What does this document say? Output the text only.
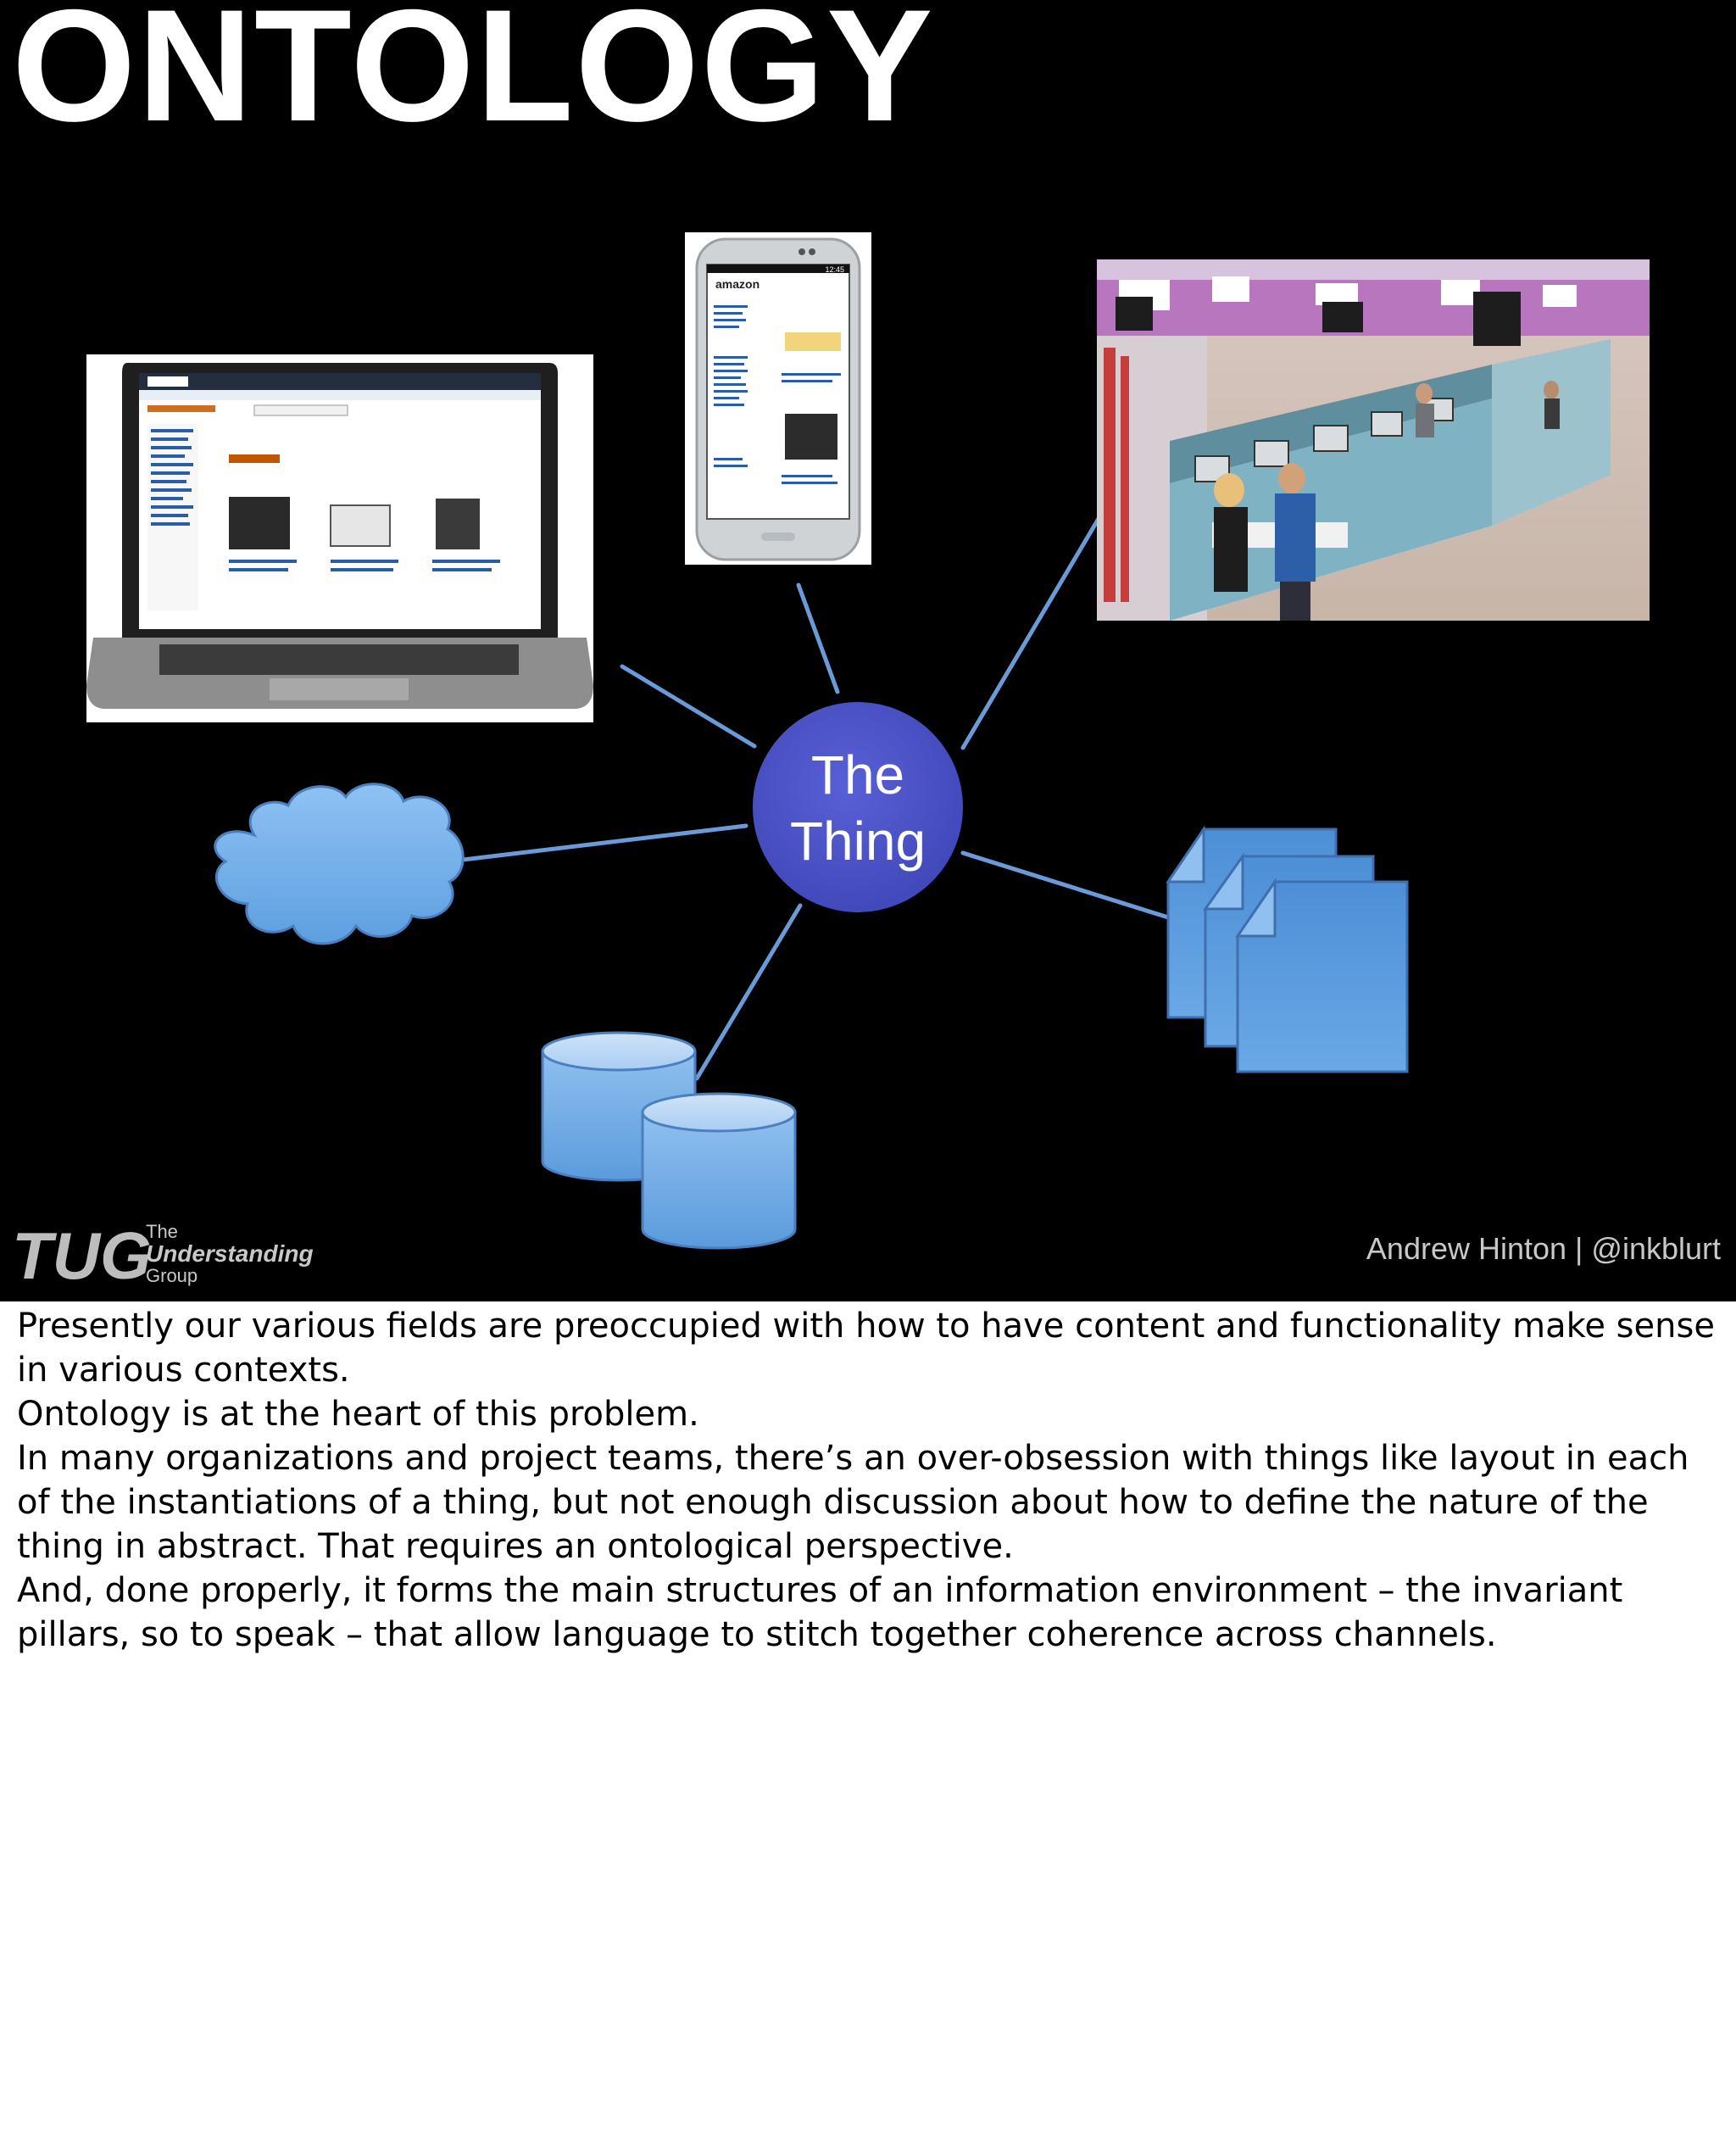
ONTOLOGY
12:45
amazon
TUG
The
Thing
The
Understanding
Group
Andrew Hinton | @inkblurt

Presently our various fields are preoccupied with how to have content and functionality make sense in various contexts.

Ontology is at the heart of this problem.

In many organizations and project teams, there’s an over-obsession with things like layout in each of the instantiations of a thing, but not enough discussion about how to define the nature of the thing in abstract. That requires an ontological perspective.

And, done properly, it forms the main structures of an information environment – the invariant pillars, so to speak – that allow language to stitch together coherence across channels.
